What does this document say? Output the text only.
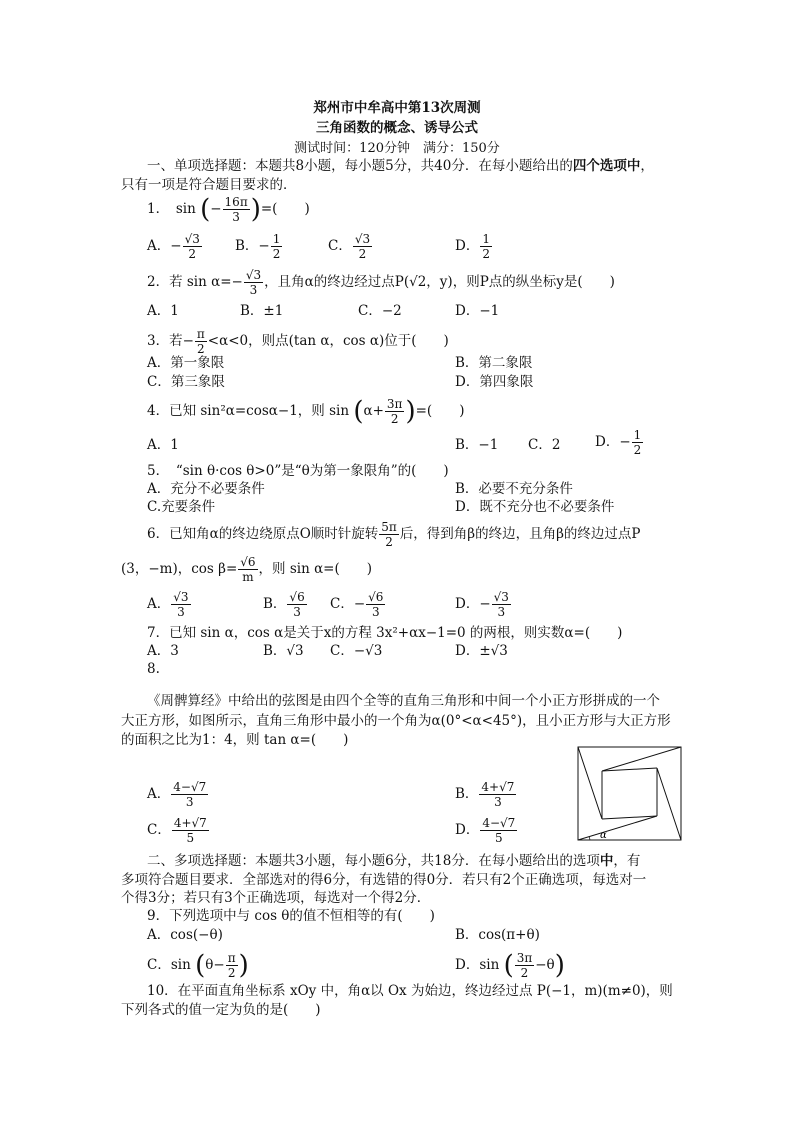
郑州市中牟高中第13次周测
三角函数的概念、诱导公式
测试时间：120分钟　满分：150分
一、单项选择题：本题共8小题，每小题5分，共40分．在每小题给出的四个选项中，
只有一项是符合题目要求的．
1．　sin (− $\frac{16\pi}{3}$ )=(　　)
A．− $\frac{√3}{2}$ B．− $\frac{1}{2}$	C． $\frac{√3}{2}$	D． $\frac{1}{2}$
2．若 $\sin \alpha=- \frac{√3}{3}$ ，且角α的终边经过点P(√2，y)，则P点的纵坐标y是(　　)
A．1	B．±1	C．−2	D．−1
3．若− $\frac{\pi}{2} <\alpha<0$，则点(tan α，cos α)位于(　　)
A．第一象限	B．第二象限
C．第三象限	D．第四象限
4．已知 sin²α=cosα−1，则 $\sin (\alpha+ \frac{3\pi}{2}$ )=(　　)
A．1	B．−1 C．2	D．− $\frac{1}{2}$
5．　“sin θ·cos θ>0”是“θ为第一象限角”的(　　)
A．充分不必要条件	B．必要不充分条件
C.充要条件	D．既不充分也不必要条件
6．已知角α的终边绕原点O顺时针旋转 $\frac{5\pi}{2}$ 后，得到角β的终边，且角β的终边过点P
(3，−m)，$\cos \beta= \frac{√6}{m}$ ，则 sin α=(　　)
A． $\frac{√3}{3}$	B． $\frac{√6}{3}$ C．− $\frac{√6}{3}$	D．− $\frac{√3}{3}$
7．已知 sin α，cos α是关于x的方程 3x²+αx−1=0 的两根，则实数α=(　　)
A．3	B．√3 C．−√3	D．±√3
8.
《周髀算经》中给出的弦图是由四个全等的直角三角形和中间一个小正方形拼成的一个
大正方形，如图所示，直角三角形中最小的一个角为α(0°<α<45°)，且小正方形与大正方形
的面积之比为1：4，则 tan α=(　　)
A． $\frac{4-√7}{3}$	B． $\frac{4+√7}{3}$
C． $\frac{4+√7}{5}$	D． $\frac{4-√7}{5}$	α
二、多项选择题：本题共3小题，每小题6分，共18分．在每小题给出的选项中，有
多项符合题目要求．全部选对的得6分，有选错的得0分．若只有2个正确选项，每选对一
个得3分；若只有3个正确选项，每选对一个得2分．
9．下列选项中与 cos θ的值不恒相等的有(　　)
A．cos(−θ)	B．cos(π+θ)
C．$\sin (\theta- \frac{\pi}{2}$ )	D．sin ( $\frac{3\pi}{2} -\theta$)
10．在平面直角坐标系 xOy 中，角α以 Ox 为始边，终边经过点 P(−1，m)(m≠0)，则
下列各式的值一定为负的是(　　)
